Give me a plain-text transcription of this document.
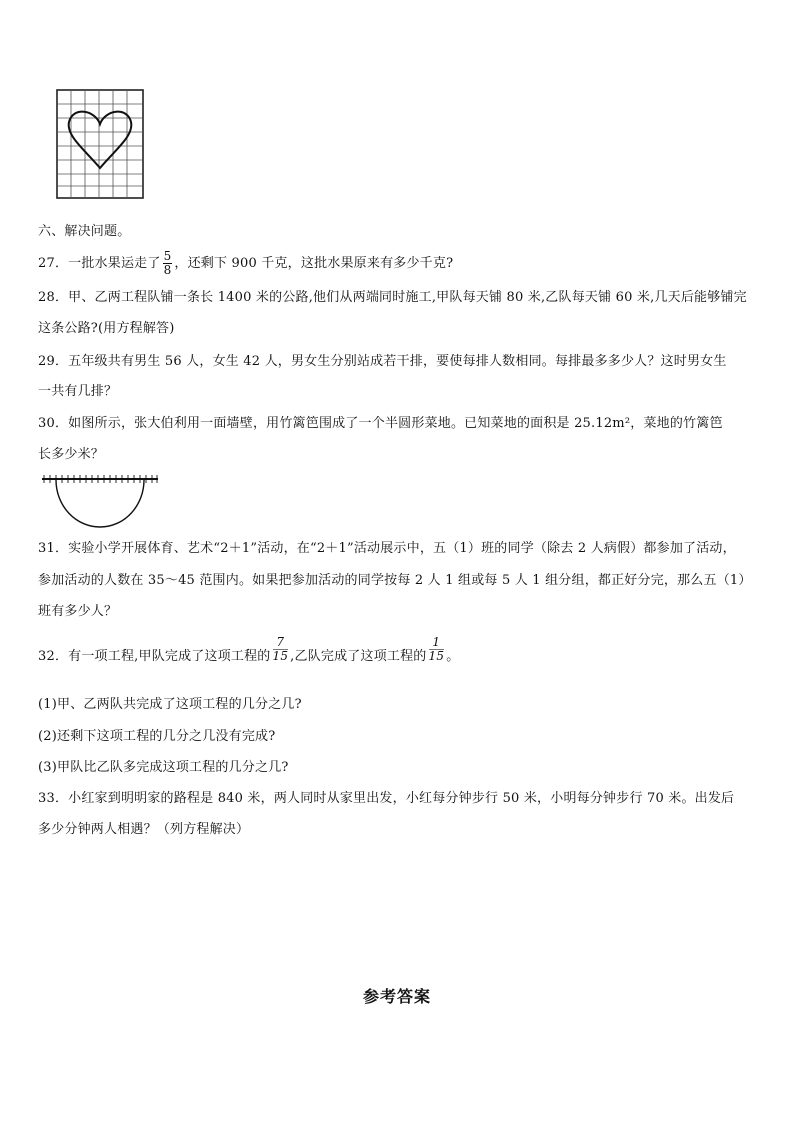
六、解决问题。
27．一批水果运走了 $\frac{5}{8}$ ，还剩下 900 千克，这批水果原来有多少千克?
28．甲、乙两工程队铺一条长 1400 米的公路,他们从两端同时施工,甲队每天铺 80 米,乙队每天铺 60 米,几天后能够铺完
这条公路?(用方程解答)
29．五年级共有男生 56 人，女生 42 人，男女生分别站成若干排，要使每排人数相同。每排最多多少人？这时男女生
一共有几排？
30．如图所示，张大伯利用一面墙壁，用竹篱笆围成了一个半圆形菜地。已知菜地的面积是 25.12m²，菜地的竹篱笆
长多少米？
31．实验小学开展体育、艺术“2＋1”活动，在“2＋1”活动展示中，五（1）班的同学（除去 2 人病假）都参加了活动，
参加活动的人数在 35～45 范围内。如果把参加活动的同学按每 2 人 1 组或每 5 人 1 组分组，都正好分完，那么五（1）
班有多少人？
32．有一项工程,甲队完成了这项工程的 $\frac{7}{15}$ ,乙队完成了这项工程的 $\frac{1}{15}$ 。
(1)甲、乙两队共完成了这项工程的几分之几?
(2)还剩下这项工程的几分之几没有完成?
(3)甲队比乙队多完成这项工程的几分之几?
33．小红家到明明家的路程是 840 米，两人同时从家里出发，小红每分钟步行 50 米，小明每分钟步行 70 米。出发后
多少分钟两人相遇？（列方程解决）
参考答案
